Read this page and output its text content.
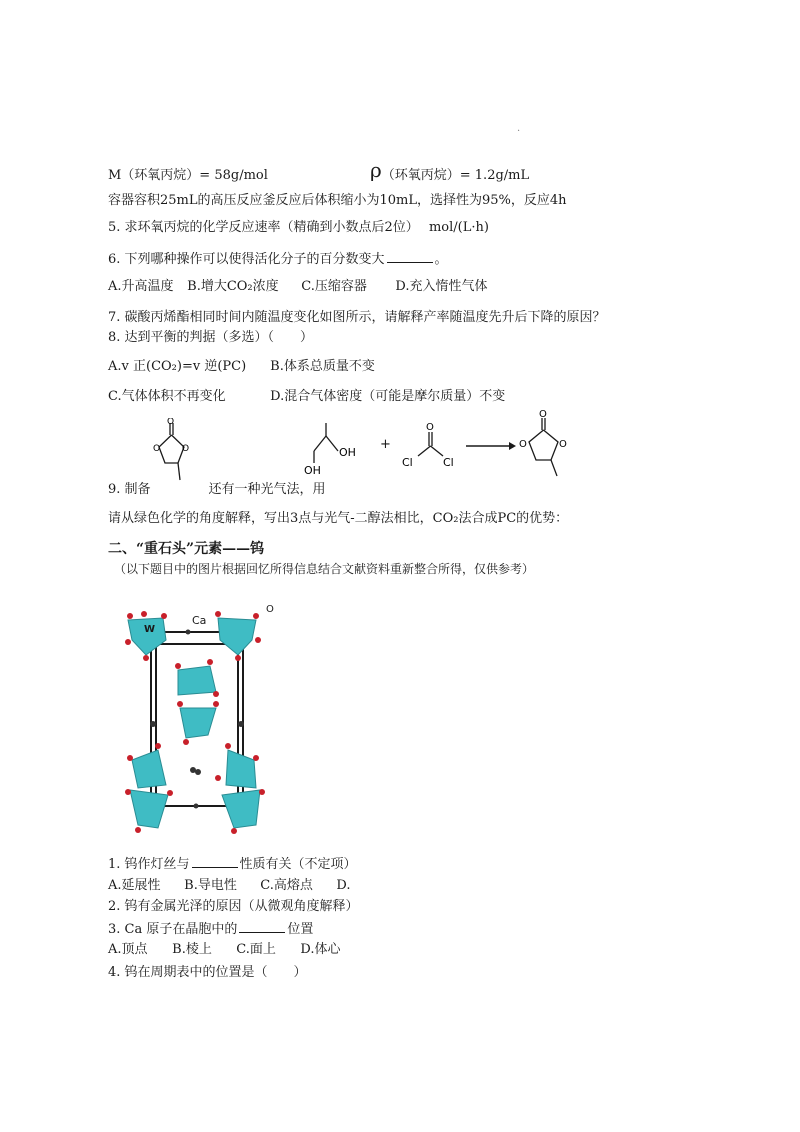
·
M（环氧丙烷）= 58g/mol	ρ（环氧丙烷）= 1.2g/mL
容器容积25mL的高压反应釜反应后体积缩小为10mL，选择性为95%，反应4h
5. 求环氧丙烷的化学反应速率（精确到小数点后2位） mol/(L·h)
6. 下列哪种操作可以使得活化分子的百分数变大	。
A.升高温度 B.增大CO₂浓度 C.压缩容器 D.充入惰性气体
7. 碳酸丙烯酯相同时间内随温度变化如图所示，请解释产率随温度先升后下降的原因？
8. 达到平衡的判据（多选）（　　）
A.v 正(CO₂)=v 逆(PC) B.体系总质量不变
C.气体体积不再变化	D.混合气体密度（可能是摩尔质量）不变
O
O O	OH
OH
+
O
Cl	Cl
O
O	O
9. 制备	还有一种光气法，用
请从绿色化学的角度解释，写出3点与光气-二醇法相比，CO₂法合成PC的优势：
二、“重石头”元素——钨
（以下题目中的图片根据回忆所得信息结合文献资料重新整合所得，仅供参考）
W
Ca
O
1. 钨作灯丝与	性质有关（不定项）
A.延展性 B.导电性 C.高熔点 D.
2. 钨有金属光泽的原因（从微观角度解释）
3. Ca 原子在晶胞中的	位置
A.顶点 B.棱上 C.面上 D.体心
4. 钨在周期表中的位置是（　　）
